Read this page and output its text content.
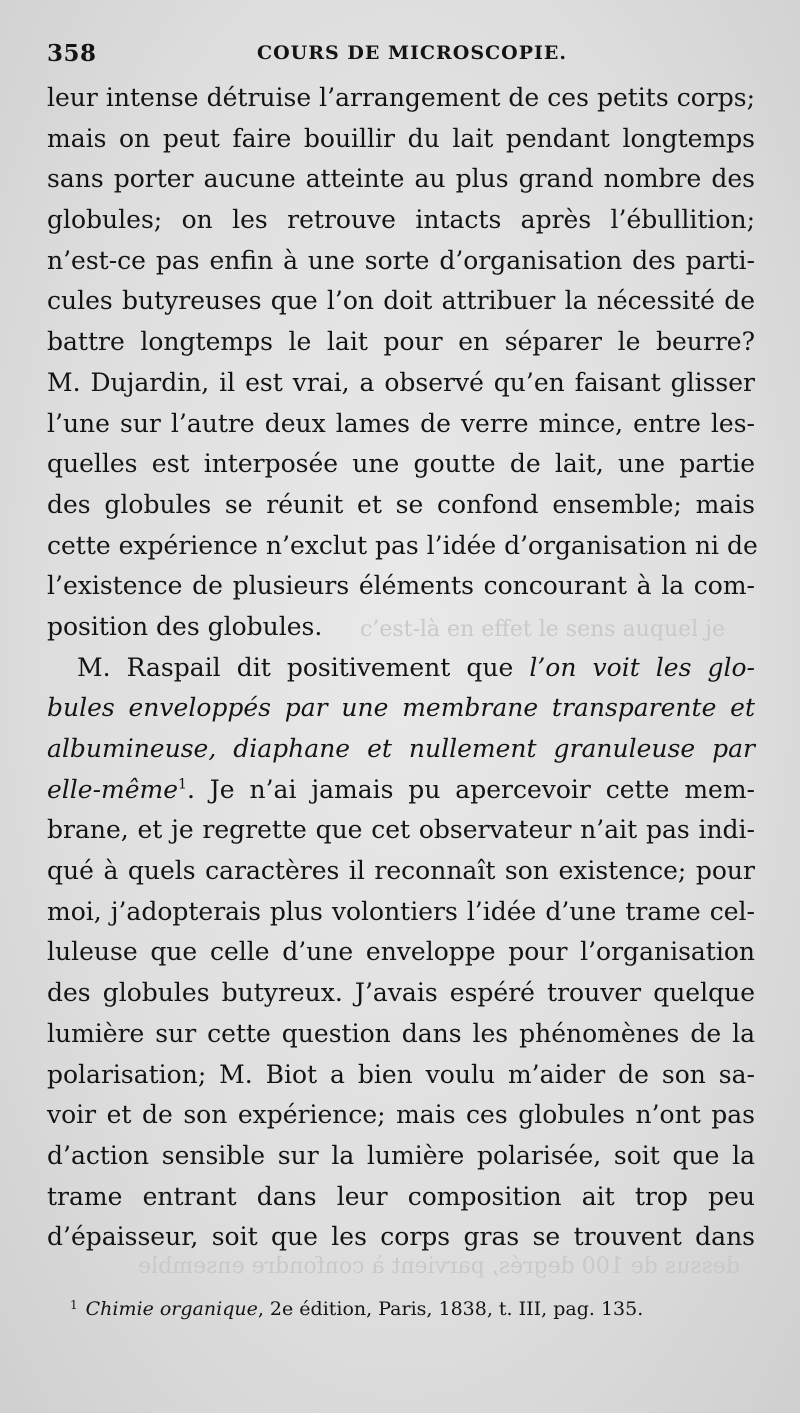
c’est-là en effet le sens auquel je
dessus de 100 degrés, parvient à confondre ensemble
358	COURS DE MICROSCOPIE.
leur intense détruise l’arrangement de ces petits corps;
mais on peut faire bouillir du lait pendant longtemps
sans porter aucune atteinte au plus grand nombre des
globules; on les retrouve intacts après l’ébullition;
n’est-ce pas enfin à une sorte d’organisation des parti-
cules butyreuses que l’on doit attribuer la nécessité de
battre longtemps le lait pour en séparer le beurre?
M. Dujardin, il est vrai, a observé qu’en faisant glisser
l’une sur l’autre deux lames de verre mince, entre les-
quelles est interposée une goutte de lait, une partie
des globules se réunit et se confond ensemble; mais
cette expérience n’exclut pas l’idée d’organisation ni de
l’existence de plusieurs éléments concourant à la com-
position des globules.
M. Raspail dit positivement que l’on voit les glo-
bules enveloppés par une membrane transparente et
albumineuse, diaphane et nullement granuleuse par
elle-même$^1$. Je n’ai jamais pu apercevoir cette mem-
brane, et je regrette que cet observateur n’ait pas indi-
qué à quels caractères il reconnaît son existence; pour
moi, j’adopterais plus volontiers l’idée d’une trame cel-
luleuse que celle d’une enveloppe pour l’organisation
des globules butyreux. J’avais espéré trouver quelque
lumière sur cette question dans les phénomènes de la
polarisation; M. Biot a bien voulu m’aider de son sa-
voir et de son expérience; mais ces globules n’ont pas
d’action sensible sur la lumière polarisée, soit que la
trame entrant dans leur composition ait trop peu
d’épaisseur, soit que les corps gras se trouvent dans
$^1$ Chimie organique, 2e édition, Paris, 1838, t. III, pag. 135.
